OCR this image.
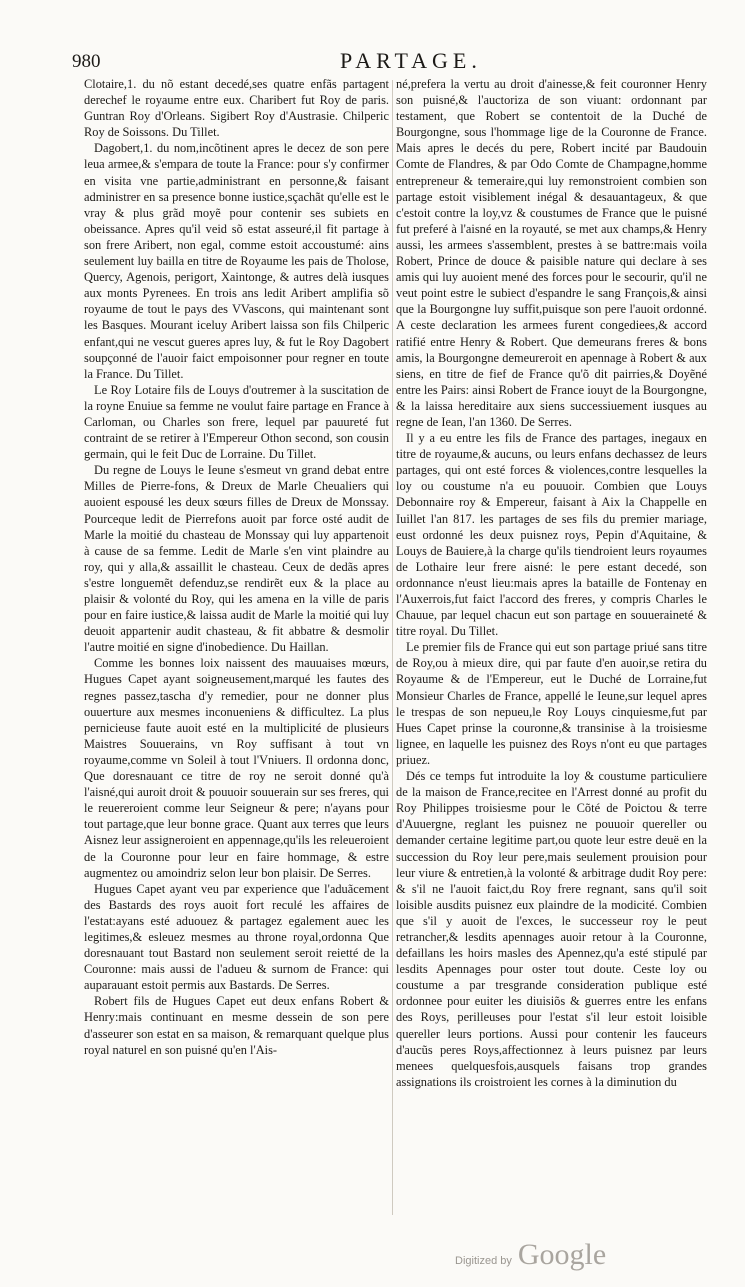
980	PARTAGE.

Clotaire,1. du nõ estant decedé,ses quatre enfãs partagent derechef le royaume entre eux. Charibert fut Roy de paris. Guntran Roy d'Orleans. Sigibert Roy d'Austrasie. Chilperic Roy de Soissons. Du Tillet.

Dagobert,1. du nom,incõtinent apres le decez de son pere leua armee,& s'empara de toute la France: pour s'y confirmer en visita vne partie,administrant en personne,& faisant administrer en sa presence bonne iustice,sçachãt qu'elle est le vray & plus grãd moyẽ pour contenir ses subiets en obeissance. Apres qu'il veid sõ estat asseuré,il fit partage à son frere Aribert, non egal, comme estoit accoustumé: ains seulement luy bailla en titre de Royaume les pais de Tholose, Quercy, Agenois, perigort, Xaintonge, & autres delà iusques aux monts Pyrenees. En trois ans ledit Aribert amplifia sõ royaume de tout le pays des VVascons, qui maintenant sont les Basques. Mourant iceluy Aribert laissa son fils Chilperic enfant,qui ne vescut gueres apres luy, & fut le Roy Dagobert soupçonné de l'auoir faict empoisonner pour regner en toute la France. Du Tillet.

Le Roy Lotaire fils de Louys d'outremer à la suscitation de la royne Enuiue sa femme ne voulut faire partage en France à Carloman, ou Charles son frere, lequel par pauureté fut contraint de se retirer à l'Empereur Othon second, son cousin germain, qui le feit Duc de Lorraine. Du Tillet.

Du regne de Louys le Ieune s'esmeut vn grand debat entre Milles de Pierre-fons, & Dreux de Marle Cheualiers qui auoient espousé les deux sœurs filles de Dreux de Monssay. Pourceque ledit de Pierrefons auoit par force osté audit de Marle la moitié du chasteau de Monssay qui luy appartenoit à cause de sa femme. Ledit de Marle s'en vint plaindre au roy, qui y alla,& assaillit le chasteau. Ceux de dedãs apres s'estre longuemẽt defenduz,se rendirẽt eux & la place au plaisir & volonté du Roy, qui les amena en la ville de paris pour en faire iustice,& laissa audit de Marle la moitié qui luy deuoit appartenir audit chasteau, & fit abbatre & desmolir l'autre moitié en signe d'inobedience. Du Haillan.

Comme les bonnes loix naissent des mauuaises mœurs, Hugues Capet ayant soigneusement,marqué les fautes des regnes passez,tascha d'y remedier, pour ne donner plus ouuerture aux mesmes inconueniens & difficultez. La plus pernicieuse faute auoit esté en la multiplicité de plusieurs Maistres Souuerains, vn Roy suffisant à tout vn royaume,comme vn Soleil à tout l'Vniuers. Il ordonna donc, Que doresnauant ce titre de roy ne seroit donné qu'à l'aisné,qui auroit droit & pouuoir souuerain sur ses freres, qui le reuereroient comme leur Seigneur & pere; n'ayans pour tout partage,que leur bonne grace. Quant aux terres que leurs Aisnez leur assigneroient en appennage,qu'ils les releueroient de la Couronne pour leur en faire hommage, & estre augmentez ou amoindriz selon leur bon plaisir. De Serres.

Hugues Capet ayant veu par experience que l'aduãcement des Bastards des roys auoit fort reculé les affaires de l'estat:ayans esté aduouez & partagez egalement auec les legitimes,& esleuez mesmes au throne royal,ordonna Que doresnauant tout Bastard non seulement seroit reietté de la Couronne: mais aussi de l'adueu & surnom de France: qui auparauant estoit permis aux Bastards. De Serres.

Robert fils de Hugues Capet eut deux enfans Robert & Henry:mais continuant en mesme dessein de son pere d'asseurer son estat en sa maison, & remarquant quelque plus royal naturel en son puisné qu'en l'Ais-

né,prefera la vertu au droit d'ainesse,& feit couronner Henry son puisné,& l'auctoriza de son viuant: ordonnant par testament, que Robert se contentoit de la Duché de Bourgongne, sous l'hommage lige de la Couronne de France. Mais apres le decés du pere, Robert incité par Baudouin Comte de Flandres, & par Odo Comte de Champagne,homme entrepreneur & temeraire,qui luy remonstroient combien son partage estoit visiblement inégal & desauantageux, & que c'estoit contre la loy,vz & coustumes de France que le puisné fut preferé à l'aisné en la royauté, se met aux champs,& Henry aussi, les armees s'assemblent, prestes à se battre:mais voila Robert, Prince de douce & paisible nature qui declare à ses amis qui luy auoient mené des forces pour le secourir, qu'il ne veut point estre le subiect d'espandre le sang François,& ainsi que la Bourgongne luy suffit,puisque son pere l'auoit ordonné. A ceste declaration les armees furent congediees,& accord ratifié entre Henry & Robert. Que demeurans freres & bons amis, la Bourgongne demeureroit en apennage à Robert & aux siens, en titre de fief de France qu'õ dit pairries,& Doyẽné entre les Pairs: ainsi Robert de France iouyt de la Bourgongne, & la laissa hereditaire aux siens successiuement iusques au regne de Iean, l'an 1360. De Serres.

Il y a eu entre les fils de France des partages, inegaux en titre de royaume,& aucuns, ou leurs enfans dechassez de leurs partages, qui ont esté forces & violences,contre lesquelles la loy ou coustume n'a eu pouuoir. Combien que Louys Debonnaire roy & Empereur, faisant à Aix la Chappelle en Iuillet l'an 817. les partages de ses fils du premier mariage, eust ordonné les deux puisnez roys, Pepin d'Aquitaine, & Louys de Bauiere,à la charge qu'ils tiendroient leurs royaumes de Lothaire leur frere aisné: le pere estant decedé, son ordonnance n'eust lieu:mais apres la bataille de Fontenay en l'Auxerrois,fut faict l'accord des freres, y compris Charles le Chauue, par lequel chacun eut son partage en souueraineté & titre royal. Du Tillet.

Le premier fils de France qui eut son partage priué sans titre de Roy,ou à mieux dire, qui par faute d'en auoir,se retira du Royaume & de l'Empereur, eut le Duché de Lorraine,fut Monsieur Charles de France, appellé le Ieune,sur lequel apres le trespas de son nepueu,le Roy Louys cinquiesme,fut par Hues Capet prinse la couronne,& transinise à la troisiesme lignee, en laquelle les puisnez des Roys n'ont eu que partages priuez.

Dés ce temps fut introduite la loy & coustume particuliere de la maison de France,recitee en l'Arrest donné au profit du Roy Philippes troisiesme pour le Cõté de Poictou & terre d'Auuergne, reglant les puisnez ne pouuoir quereller ou demander certaine legitime part,ou quote leur estre deuë en la succession du Roy leur pere,mais seulement prouision pour leur viure & entretien,à la volonté & arbitrage dudit Roy pere: & s'il ne l'auoit faict,du Roy frere regnant, sans qu'il soit loisible ausdits puisnez eux plaindre de la modicité. Combien que s'il y auoit de l'exces, le successeur roy le peut retrancher,& lesdits apennages auoir retour à la Couronne, defaillans les hoirs masles des Apennez,qu'a esté stipulé par lesdits Apennages pour oster tout doute. Ceste loy ou coustume a par tresgrande consideration publique esté ordonnee pour euiter les diuisiõs & guerres entre les enfans des Roys, perilleuses pour l'estat s'il leur estoit loisible quereller leurs portions. Aussi pour contenir les fauceurs d'aucũs peres Roys,affectionnez à leurs puisnez par leurs menees quelquesfois,ausquels faisans trop grandes assignations ils croistroient les cornes à la diminution du

Digitized by Google
